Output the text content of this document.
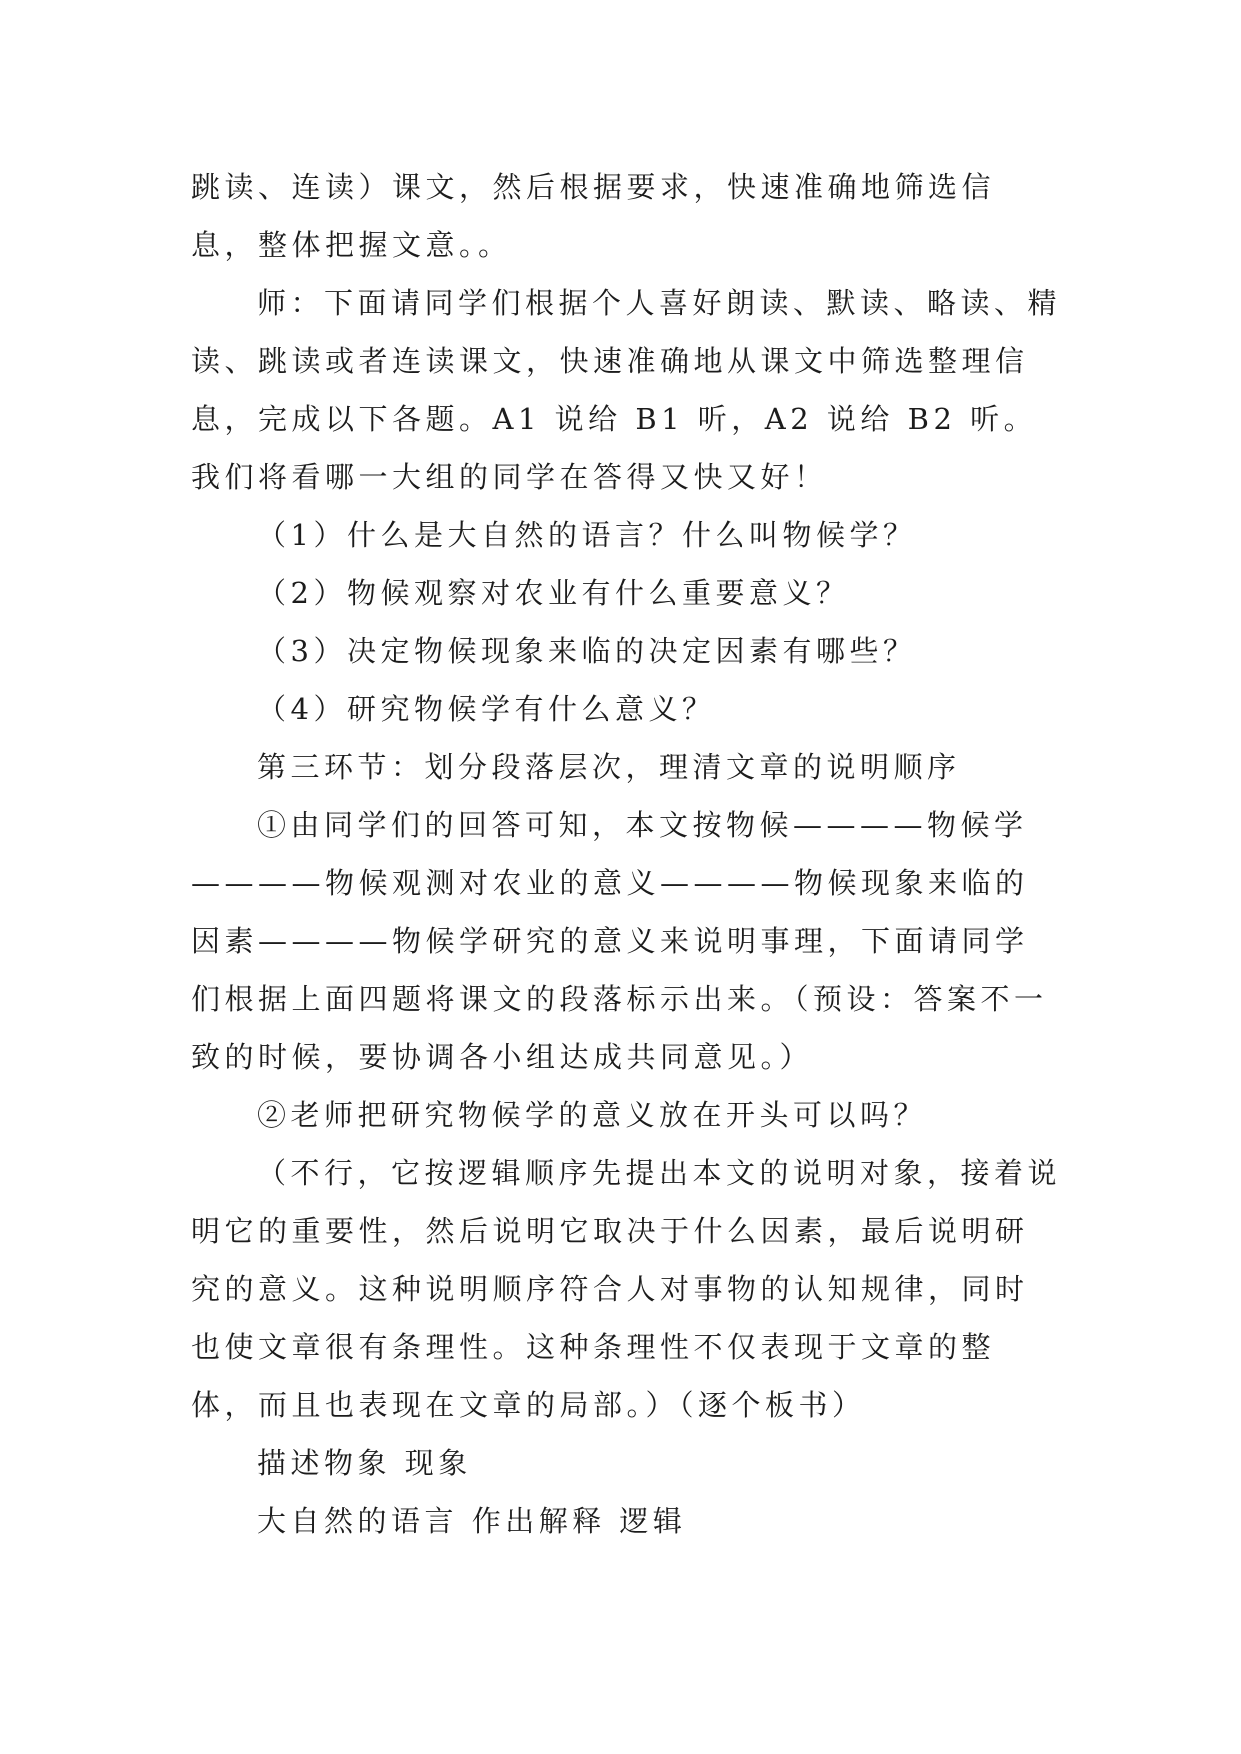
跳读、连读）课文，然后根据要求，快速准确地筛选信息，整体把握文意。。

师：下面请同学们根据个人喜好朗读、默读、略读、精读、跳读或者连读课文，快速准确地从课文中筛选整理信息，完成以下各题。A1 说给 B1 听，A2 说给 B2 听。我们将看哪一大组的同学在答得又快又好！

（1）什么是大自然的语言？什么叫物候学？

（2）物候观察对农业有什么重要意义？

（3）决定物候现象来临的决定因素有哪些？

（4）研究物候学有什么意义？

第三环节：划分段落层次，理清文章的说明顺序

①由同学们的回答可知，本文按物候————物候学————物候观测对农业的意义————物候现象来临的因素————物候学研究的意义来说明事理，下面请同学们根据上面四题将课文的段落标示出来。（预设：答案不一致的时候，要协调各小组达成共同意见。）

②老师把研究物候学的意义放在开头可以吗？

（不行，它按逻辑顺序先提出本文的说明对象，接着说明它的重要性，然后说明它取决于什么因素，最后说明研究的意义。这种说明顺序符合人对事物的认知规律，同时也使文章很有条理性。这种条理性不仅表现于文章的整体，而且也表现在文章的局部。）（逐个板书）

描述物象 现象

大自然的语言 作出解释 逻辑
